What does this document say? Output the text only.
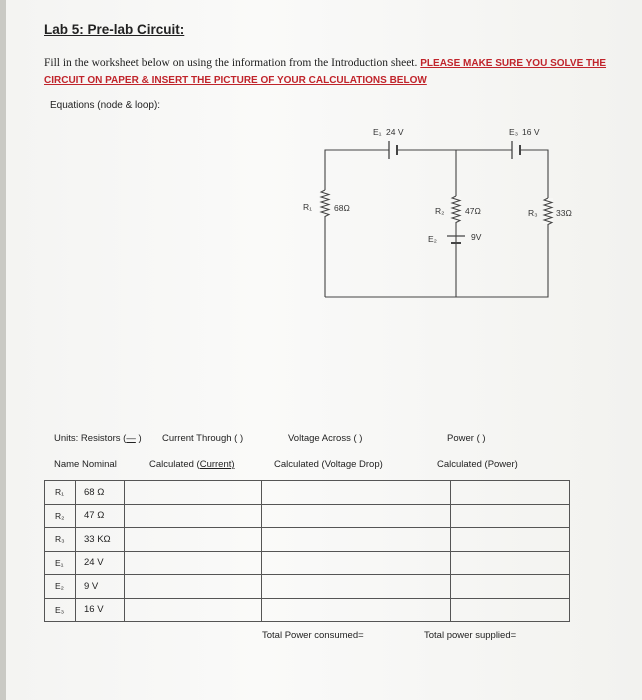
Lab 5: Pre-lab Circuit:
Fill in the worksheet below on using the information from the Introduction sheet. PLEASE MAKE SURE YOU SOLVE THE CIRCUIT ON PAPER & INSERT THE PICTURE OF YOUR CALCULATIONS BELOW
Equations (node & loop):
E₁ 24 V	E₃ 16 V
R₁	68Ω	R₂ 47Ω
E₂	9V
R₃ 33Ω
Units: Resistors (— ) Current Through ( )	Voltage Across ( )	Power ( )
Name Nominal	Calculated (Current)	Calculated (Voltage Drop)	Calculated (Power)
R₁	68 Ω			
R₂	47 Ω			
R₃	33 KΩ			
E₁	24 V			
E₂	9 V			
E₃	16 V			
Total Power consumed=	Total power supplied=
